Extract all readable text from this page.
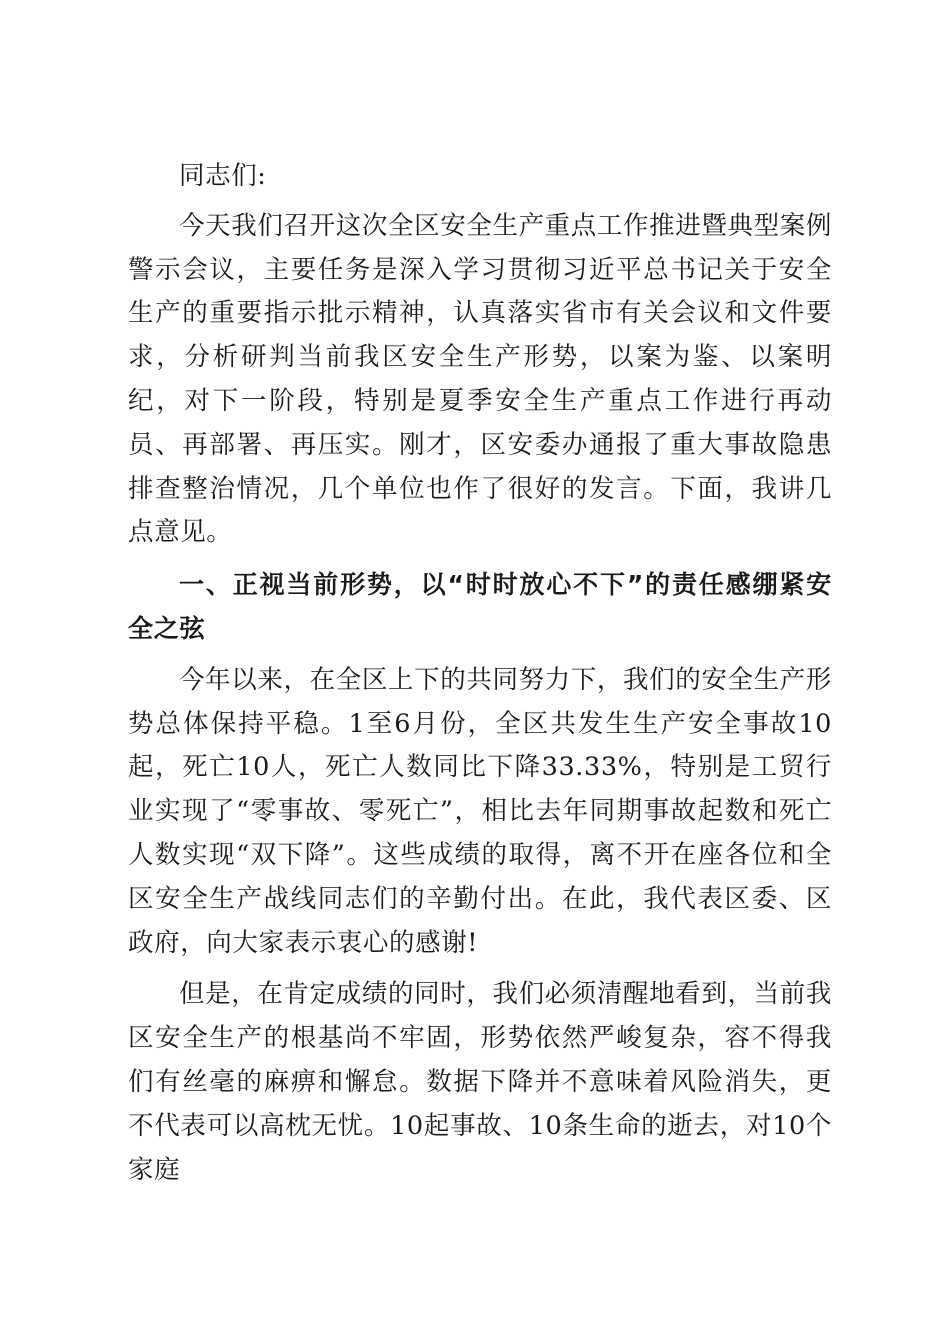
同志们:

今天我们召开这次全区安全生产重点工作推进暨典型案例警示会议，主要任务是深入学习贯彻习近平总书记关于安全生产的重要指示批示精神，认真落实省市有关会议和文件要求，分析研判当前我区安全生产形势，以案为鉴、以案明纪，对下一阶段，特别是夏季安全生产重点工作进行再动员、再部署、再压实。刚才，区安委办通报了重大事故隐患排查整治情况，几个单位也作了很好的发言。下面，我讲几点意见。

一、正视当前形势，以“时时放心不下”的责任感绷紧安全之弦

今年以来，在全区上下的共同努力下，我们的安全生产形势总体保持平稳。1至6月份，全区共发生生产安全事故10起，死亡10人，死亡人数同比下降33.33%，特别是工贸行业实现了“零事故、零死亡”，相比去年同期事故起数和死亡人数实现“双下降”。这些成绩的取得，离不开在座各位和全区安全生产战线同志们的辛勤付出。在此，我代表区委、区政府，向大家表示衷心的感谢!

但是，在肯定成绩的同时，我们必须清醒地看到，当前我区安全生产的根基尚不牢固，形势依然严峻复杂，容不得我们有丝毫的麻痹和懈怠。数据下降并不意味着风险消失，更不代表可以高枕无忧。10起事故、10条生命的逝去，对10个家庭
